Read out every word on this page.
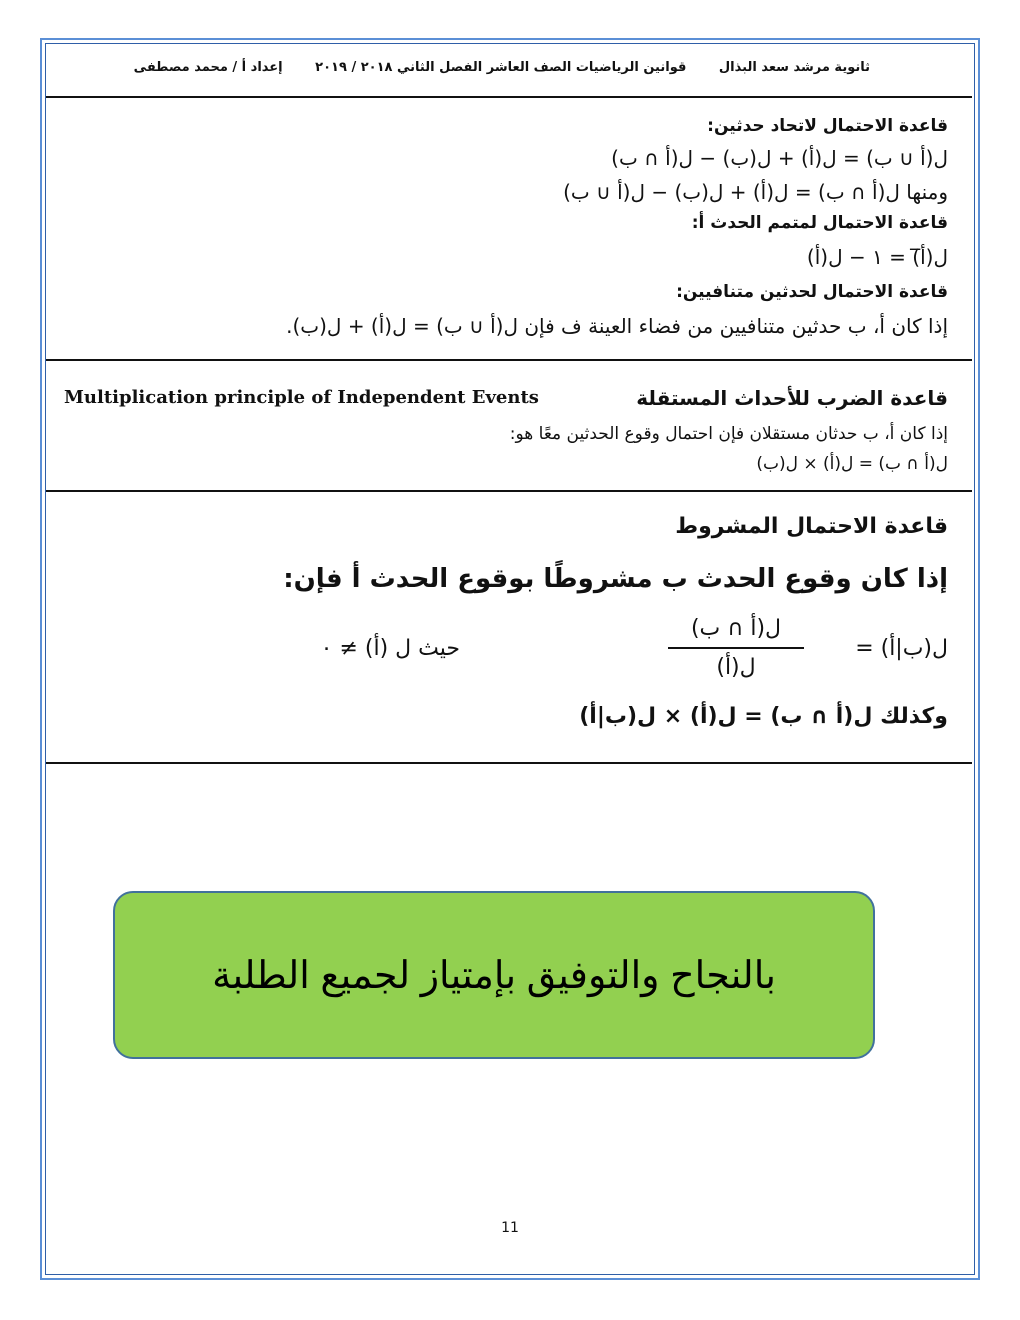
ثانوية مرشد سعد البذال قوانين الرياضيات الصف العاشر الفصل الثاني ٢٠١٨ / ٢٠١٩ إعداد أ / محمد مصطفى
قاعدة الاحتمال لاتحاد حدثين:
ل(أ ∪ ب) = ل(أ) + ل(ب) − ل(أ ∩ ب)
ومنها ل(أ ∩ ب) = ل(أ) + ل(ب) − ل(أ ∪ ب)
قاعدة الاحتمال لمتمم الحدث أ:
ل(أ̅) = ١ − ل(أ)
قاعدة الاحتمال لحدثين متنافيين:
إذا كان أ، ب حدثين متنافيين من فضاء العينة ف فإن ل(أ ∪ ب) = ل(أ) + ل(ب).
قاعدة الضرب للأحداث المستقلة
Multiplication principle of Independent Events
إذا كان أ، ب حدثان مستقلان فإن احتمال وقوع الحدثين معًا هو:
ل(أ ∩ ب) = ل(أ) × ل(ب)
قاعدة الاحتمال المشروط
إذا كان وقوع الحدث ب مشروطًا بوقوع الحدث أ فإن:
ل(ب|أ) =
ل(أ ∩ ب)
ل(أ)
حيث ل (أ) ≠ ٠
وكذلك ل(أ ∩ ب) = ل(أ) × ل(ب|أ)
بالنجاح والتوفيق بإمتياز لجميع الطلبة
11
